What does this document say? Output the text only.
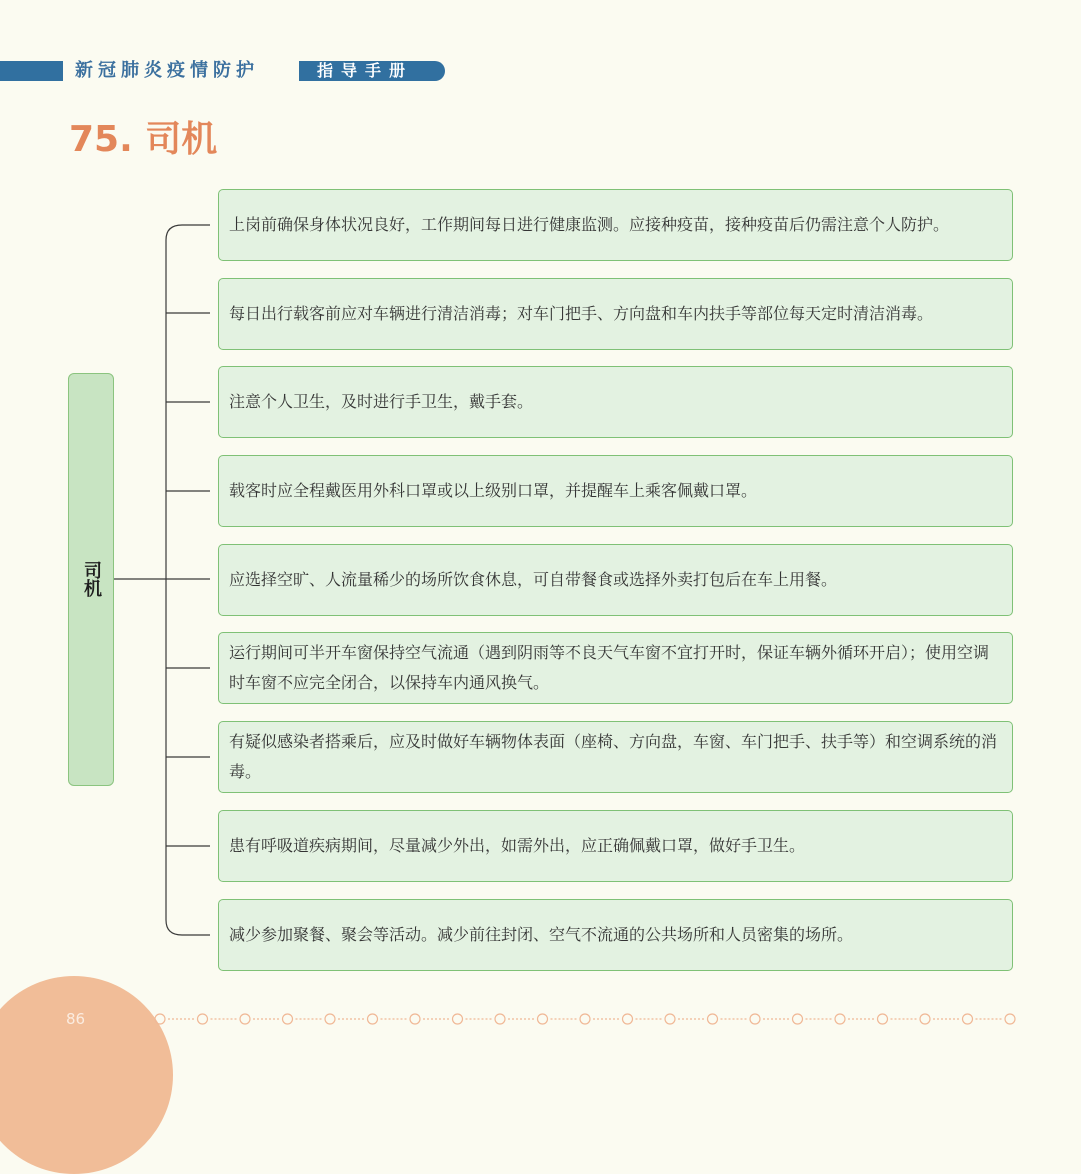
新冠肺炎疫情防护	指导手册
75. 司机
司机
上岗前确保身体状况良好，工作期间每日进行健康监测。应接种疫苗，接种疫苗后仍需注意个人防护。
每日出行载客前应对车辆进行清洁消毒；对车门把手、方向盘和车内扶手等部位每天定时清洁消毒。
注意个人卫生，及时进行手卫生，戴手套。
载客时应全程戴医用外科口罩或以上级别口罩，并提醒车上乘客佩戴口罩。
应选择空旷、人流量稀少的场所饮食休息，可自带餐食或选择外卖打包后在车上用餐。
运行期间可半开车窗保持空气流通（遇到阴雨等不良天气车窗不宜打开时，保证车辆外循环开启）；使用空调时车窗不应完全闭合，以保持车内通风换气。
有疑似感染者搭乘后，应及时做好车辆物体表面（座椅、方向盘，车窗、车门把手、扶手等）和空调系统的消毒。
患有呼吸道疾病期间，尽量减少外出，如需外出，应正确佩戴口罩，做好手卫生。
减少参加聚餐、聚会等活动。减少前往封闭、空气不流通的公共场所和人员密集的场所。
86
